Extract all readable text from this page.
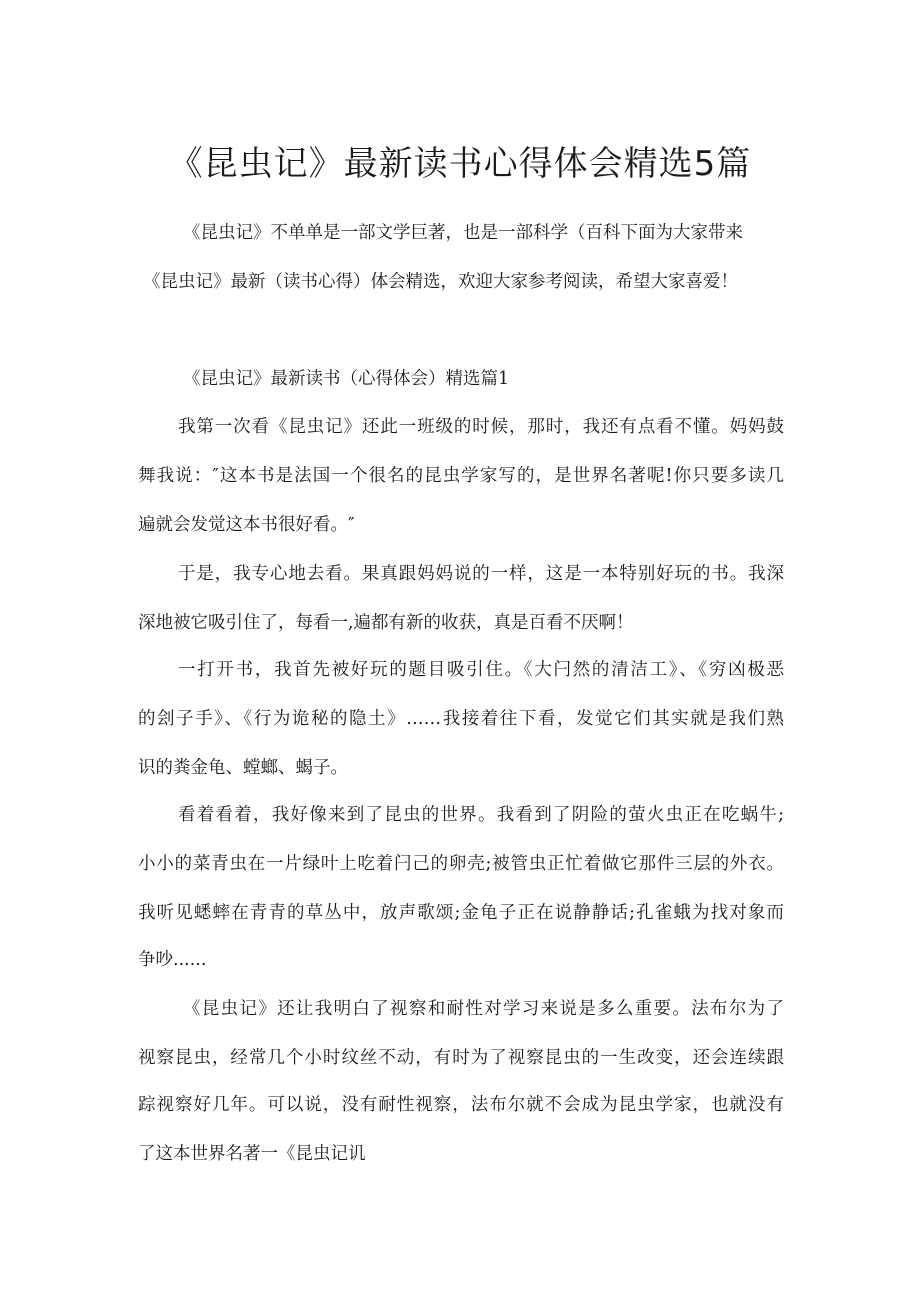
《昆虫记》最新读书心得体会精选5篇

《昆虫记》不单单是一部文学巨著，也是一部科学（百科下面为大家带来

《昆虫记》最新（读书心得）体会精选，欢迎大家参考阅读，希望大家喜爱！

《昆虫记》最新读书（心得体会）精选篇1

我第一次看《昆虫记》还此一班级的时候，那时，我还有点看不懂。妈妈鼓

舞我说：″这本书是法国一个很名的昆虫学家写的，是世界名著呢!你只要多读几

遍就会发觉这本书很好看。″

于是，我专心地去看。果真跟妈妈说的一样，这是一本特别好玩的书。我深

深地被它吸引住了，每看一,遍都有新的收获，真是百看不厌啊！

一打开书，我首先被好玩的题目吸引住。《大闩然的清洁工》、《穷凶极恶

的刽子手》、《行为诡秘的隐土》……我接着往下看，发觉它们其实就是我们熟

识的粪金龟、螳螂、蝎子。

看着看着，我好像来到了昆虫的世界。我看到了阴险的萤火虫正在吃蜗牛;

小小的菜青虫在一片绿叶上吃着闩己的卵壳;被管虫正忙着做它那件三层的外衣。

我听见蟋蟀在青青的草丛中，放声歌颂;金龟子正在说静静话;孔雀蛾为找对象而

争吵......

《昆虫记》还让我明白了视察和耐性对学习来说是多么重要。法布尔为了

视察昆虫，经常几个小时纹丝不动，有时为了视察昆虫的一生改变，还会连续跟

踪视察好几年。可以说，没有耐性视察，法布尔就不会成为昆虫学家，也就没有

了这本世界名著一《昆虫记讥
